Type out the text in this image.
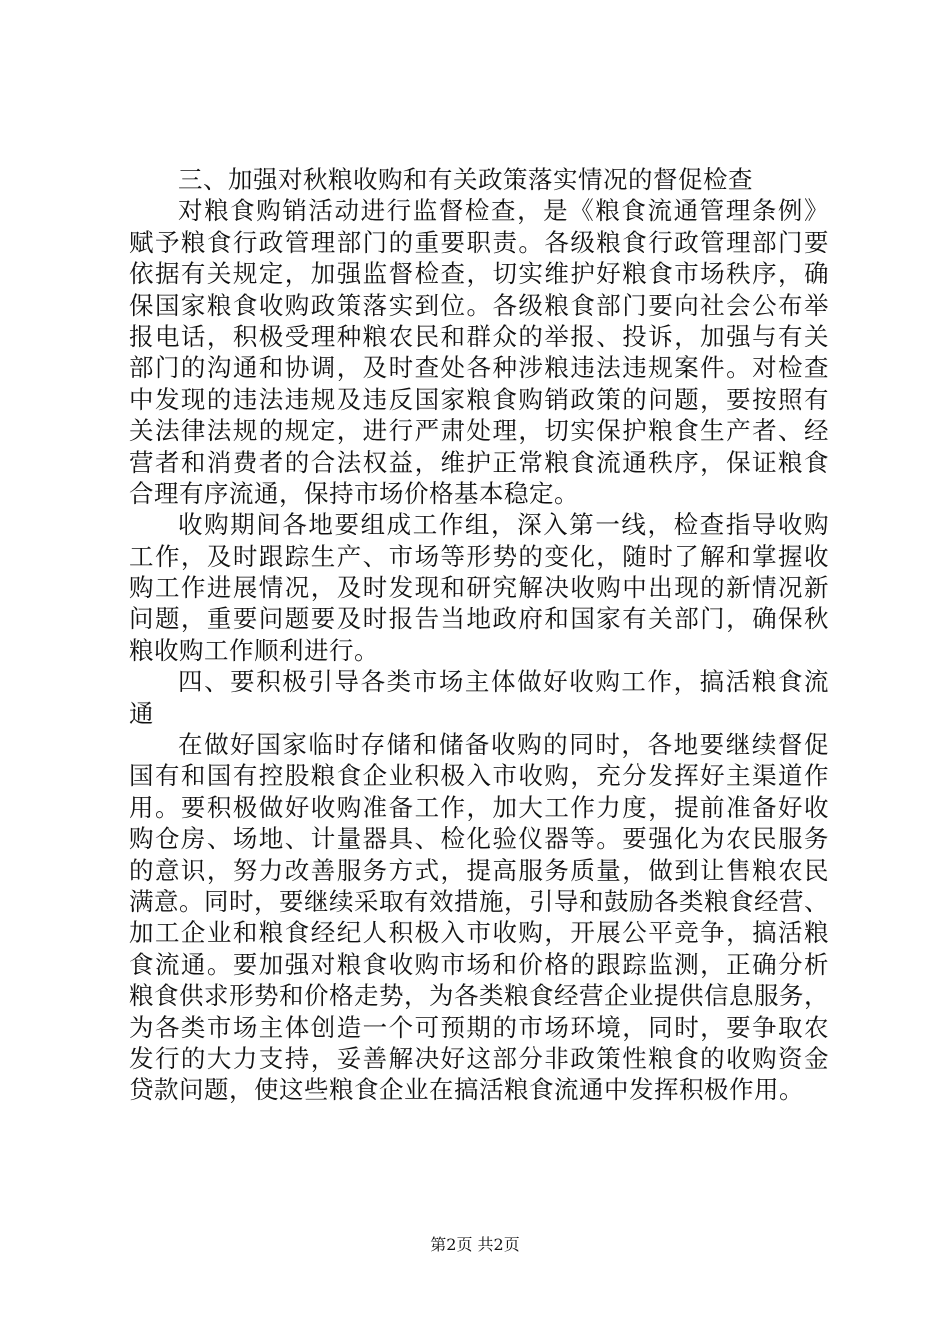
三、加强对秋粮收购和有关政策落实情况的督促检查
对粮食购销活动进行监督检查，是《粮食流通管理条例》
赋予粮食行政管理部门的重要职责。各级粮食行政管理部门要
依据有关规定，加强监督检查，切实维护好粮食市场秩序，确
保国家粮食收购政策落实到位。各级粮食部门要向社会公布举
报电话，积极受理种粮农民和群众的举报、投诉，加强与有关
部门的沟通和协调，及时查处各种涉粮违法违规案件。对检查
中发现的违法违规及违反国家粮食购销政策的问题，要按照有
关法律法规的规定，进行严肃处理，切实保护粮食生产者、经
营者和消费者的合法权益，维护正常粮食流通秩序，保证粮食
合理有序流通，保持市场价格基本稳定。
收购期间各地要组成工作组，深入第一线，检查指导收购
工作，及时跟踪生产、市场等形势的变化，随时了解和掌握收
购工作进展情况，及时发现和研究解决收购中出现的新情况新
问题，重要问题要及时报告当地政府和国家有关部门，确保秋
粮收购工作顺利进行。
四、要积极引导各类市场主体做好收购工作，搞活粮食流
通
在做好国家临时存储和储备收购的同时，各地要继续督促
国有和国有控股粮食企业积极入市收购，充分发挥好主渠道作
用。要积极做好收购准备工作，加大工作力度，提前准备好收
购仓房、场地、计量器具、检化验仪器等。要强化为农民服务
的意识，努力改善服务方式，提高服务质量，做到让售粮农民
满意。同时，要继续采取有效措施，引导和鼓励各类粮食经营、
加工企业和粮食经纪人积极入市收购，开展公平竞争，搞活粮
食流通。要加强对粮食收购市场和价格的跟踪监测，正确分析
粮食供求形势和价格走势，为各类粮食经营企业提供信息服务，
为各类市场主体创造一个可预期的市场环境，同时，要争取农
发行的大力支持，妥善解决好这部分非政策性粮食的收购资金
贷款问题，使这些粮食企业在搞活粮食流通中发挥积极作用。
第2页 共2页
